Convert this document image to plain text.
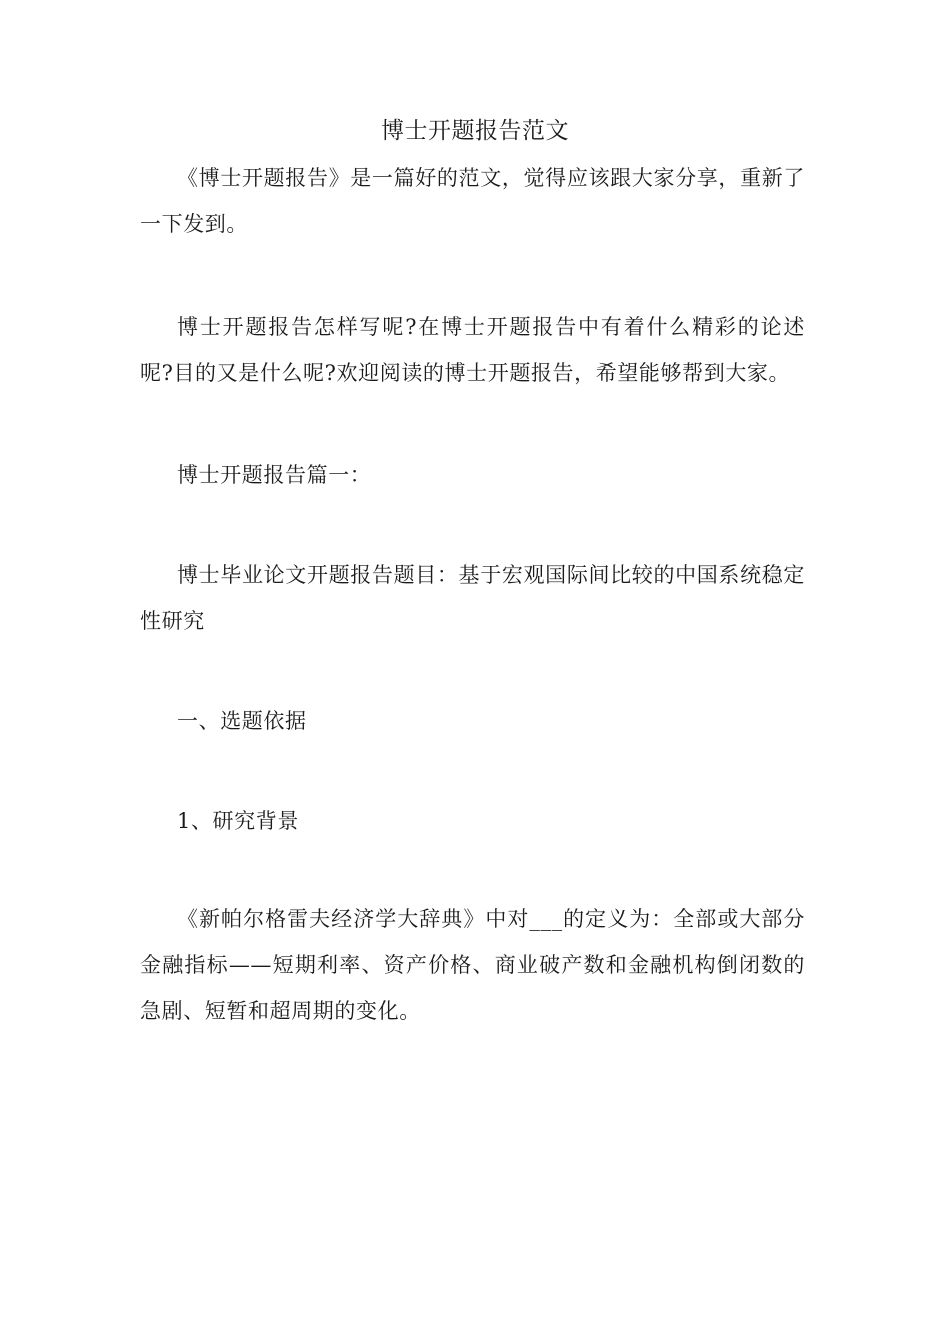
博士开题报告范文

《博士开题报告》是一篇好的范文，觉得应该跟大家分享，重新了一下发到。

博士开题报告怎样写呢?在博士开题报告中有着什么精彩的论述呢?目的又是什么呢?欢迎阅读的博士开题报告，希望能够帮到大家。

博士开题报告篇一：

博士毕业论文开题报告题目：基于宏观国际间比较的中国系统稳定性研究

一、选题依据

1、研究背景

《新帕尔格雷夫经济学大辞典》中对___的定义为：全部或大部分金融指标——短期利率、资产价格、商业破产数和金融机构倒闭数的急剧、短暂和超周期的变化。
